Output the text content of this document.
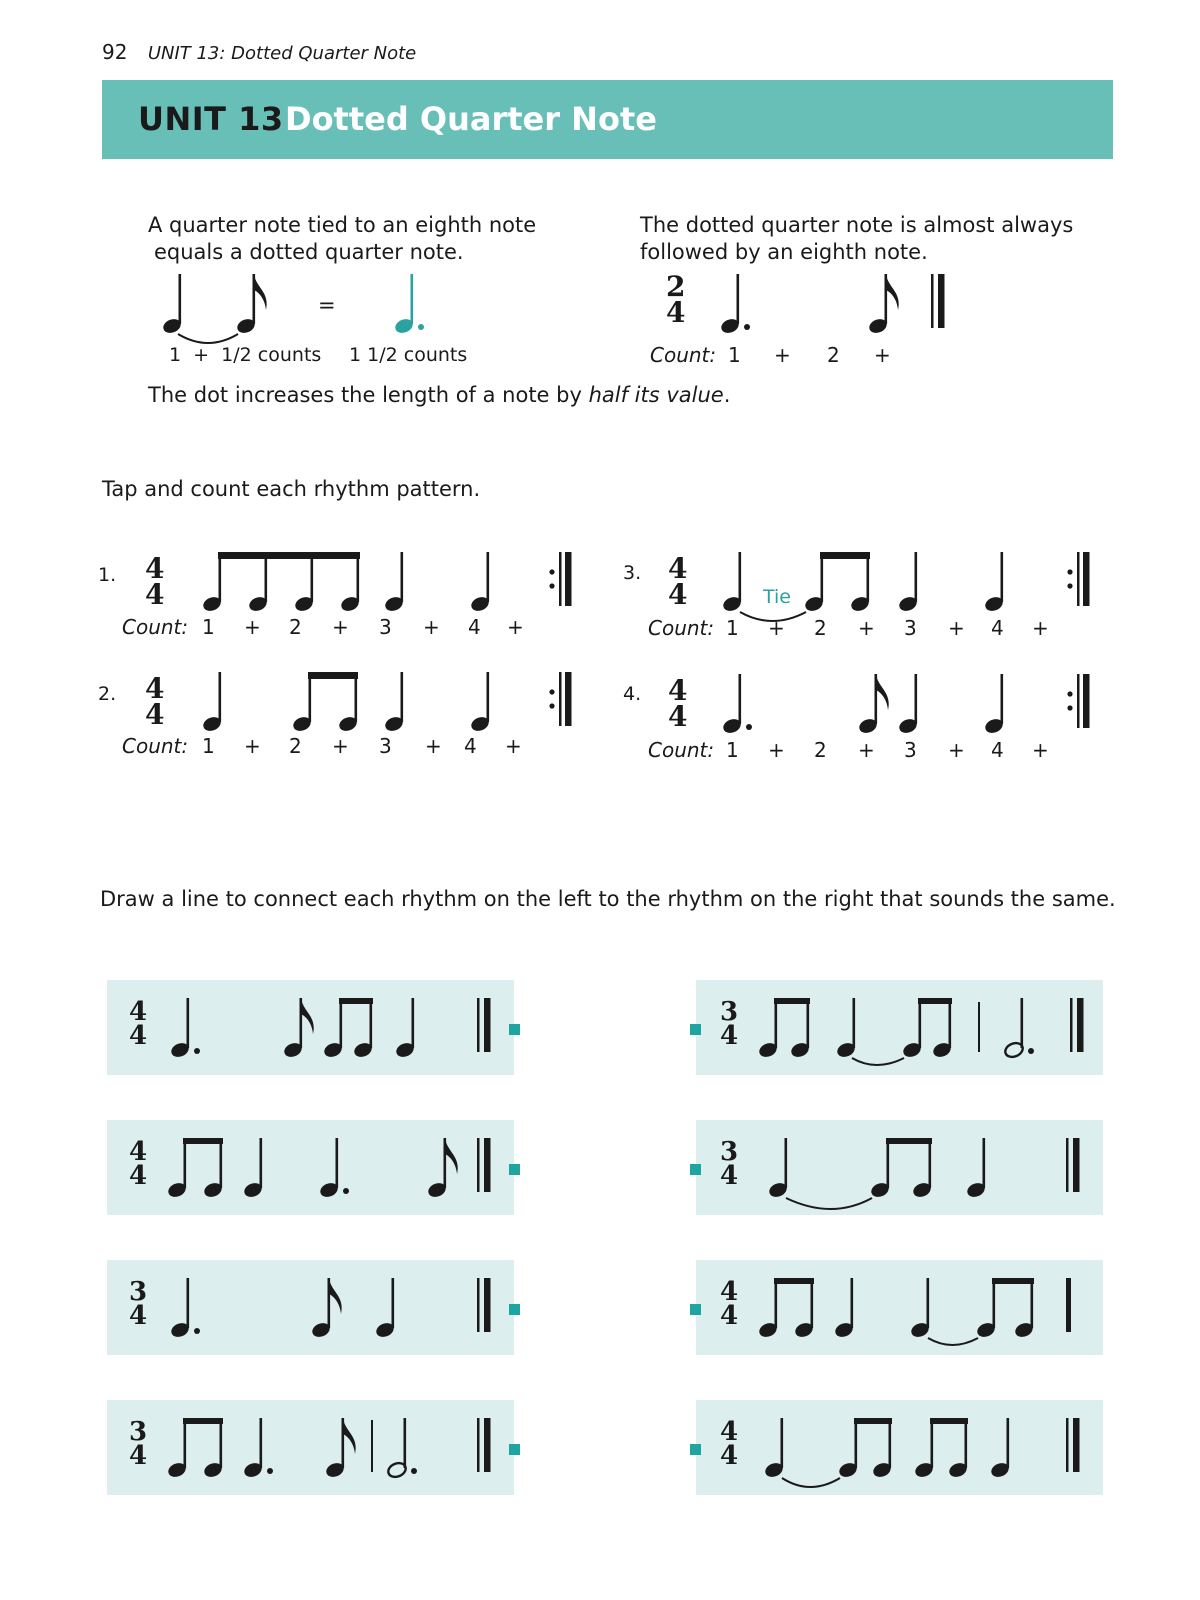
92 UNIT 13: Dotted Quarter Note
UNIT 13 Dotted Quarter Note
A quarter note tied to an eighth note
equals a dotted quarter note.
=
1  +  1/2 counts 1 1/2 counts
The dot increases the length of a note by half its value.
The dotted quarter note is almost always
followed by an eighth note.
2
4
Count: 1 + 2 +
Tap and count each rhythm pattern.
1. 4
4
Count: 1 + 2 + 3 + 4 +
2. 4
4
Count: 1 + 2 + 3 + 4 +
3. 4
4	Tie
Count: 1 + 2 + 3 + 4 +
4. 4
4
Count: 1 + 2 + 3 + 4 +
Draw a line to connect each rhythm on the left to the rhythm on the right that sounds the same.
4
4
4
4
3
4
3
4
3
4
3
4
4
4
4
4
